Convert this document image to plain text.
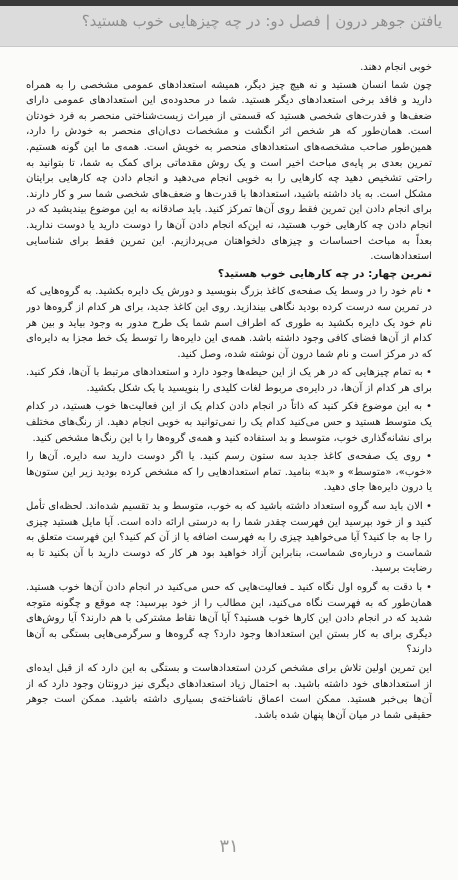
یافتن جوهر درون | فصل دو: در چه چیزهایی خوب هستید؟

خوبی انجام دهند.

چون شما انسان هستید و نه هیچ چیز دیگر، همیشه استعدادهای عمومی مشخصی را به همراه دارید و فاقد برخی استعدادهای دیگر هستید. شما در محدوده‌ی این استعدادهای عمومی دارای ضعف‌ها و قدرت‌های شخصی هستید که قسمتی از میراث زیست‌شناختی منحصر به فرد خودتان است. همان‌طور که هر شخص اثر انگشت و مشخصات دی‌ان‌ای منحصر به خودش را دارد، همین‌طور صاحب مشخصه‌های استعدادهای منحصر به خویش است. همه‌ی ما این گونه هستیم. تمرین بعدی بر پایه‌ی مباحث اخیر است و یک روش مقدماتی برای کمک به شما، تا بتوانید به راحتی تشخیص دهید چه کارهایی را به خوبی انجام می‌دهید و انجام دادن چه کارهایی برایتان مشکل است. به یاد داشته باشید، استعدادها با قدرت‌ها و ضعف‌های شخصی شما سر و کار دارند. برای انجام دادن این تمرین فقط روی آن‌ها تمرکز کنید. باید صادقانه به این موضوع بیندیشید که در انجام دادن چه کارهایی خوب هستید، نه این‌که انجام دادن آن‌ها را دوست دارید یا دوست ندارید. بعداً به مباحث احساسات و چیزهای دلخواهتان می‌پردازیم. این تمرین فقط برای شناسایی استعدادهاست.

تمرین چهار: در چه کارهایی خوب هستید؟

• نام خود را در وسط یک صفحه‌ی کاغذ بزرگ بنویسید و دورش یک دایره بکشید. به گروه‌هایی که در تمرین سه درست کرده بودید نگاهی بیندازید. روی این کاغذ جدید، برای هر کدام از گروه‌ها دور نام خود یک دایره بکشید به طوری که اطراف اسم شما یک طرح مدور به وجود بیاید و بین هر کدام از آن‌ها فضای کافی وجود داشته باشد. همه‌ی این دایره‌ها را توسط یک خط مجزا به دایره‌ای که در مرکز است و نام شما درون آن نوشته شده، وصل کنید.

• به تمام چیزهایی که در هر یک از این حیطه‌ها وجود دارد و استعدادهای مرتبط با آن‌ها، فکر کنید. برای هر کدام از آن‌ها، در دایره‌ی مربوط لغات کلیدی را بنویسید یا یک شکل بکشید.

• به این موضوع فکر کنید که ذاتاً در انجام دادن کدام یک از این فعالیت‌ها خوب هستید، در کدام یک متوسط هستید و حس می‌کنید کدام یک را نمی‌توانید به خوبی انجام دهید. از رنگ‌های مختلف برای نشانه‌گذاری خوب، متوسط و بد استفاده کنید و همه‌ی گروه‌ها را با این رنگ‌ها مشخص کنید.

• روی یک صفحه‌ی کاغذ جدید سه ستون رسم کنید. یا اگر دوست دارید سه دایره. آن‌ها را «خوب»، «متوسط» و «بد» بنامید. تمام استعدادهایی را که مشخص کرده بودید زیر این ستون‌ها یا درون دایره‌ها جای دهید.

• الان باید سه گروه استعداد داشته باشید که به خوب، متوسط و بد تقسیم شده‌اند. لحظه‌ای تأمل کنید و از خود بپرسید این فهرست چقدر شما را به درستی ارائه داده است. آیا مایل هستید چیزی را جا به جا کنید؟ آیا می‌خواهید چیزی را به فهرست اضافه یا از آن کم کنید؟ این فهرست متعلق به شماست و درباره‌ی شماست، بنابراین آزاد خواهید بود هر کار که دوست دارید با آن بکنید تا به رضایت برسید.

• با دقت به گروه اول نگاه کنید ـ فعالیت‌هایی که حس می‌کنید در انجام دادن آن‌ها خوب هستید. همان‌طور که به فهرست نگاه می‌کنید، این مطالب را از خود بپرسید: چه موقع و چگونه متوجه شدید که در انجام دادن این کارها خوب هستید؟ آیا آن‌ها نقاط مشترکی با هم دارند؟ آیا روش‌های دیگری برای به کار بستن این استعدادها وجود دارد؟ چه گروه‌ها و سرگرمی‌هایی بستگی به آن‌ها دارند؟

این تمرین اولین تلاش برای مشخص کردن استعدادهاست و بستگی به این دارد که از قبل ایده‌ای از استعدادهای خود داشته باشید. به احتمال زیاد استعدادهای دیگری نیز درونتان وجود دارد که از آن‌ها بی‌خبر هستید. ممکن است اعماق ناشناخته‌ی بسیاری داشته باشید. ممکن است جوهر حقیقی شما در میان آن‌ها پنهان شده باشد.

۳۱
